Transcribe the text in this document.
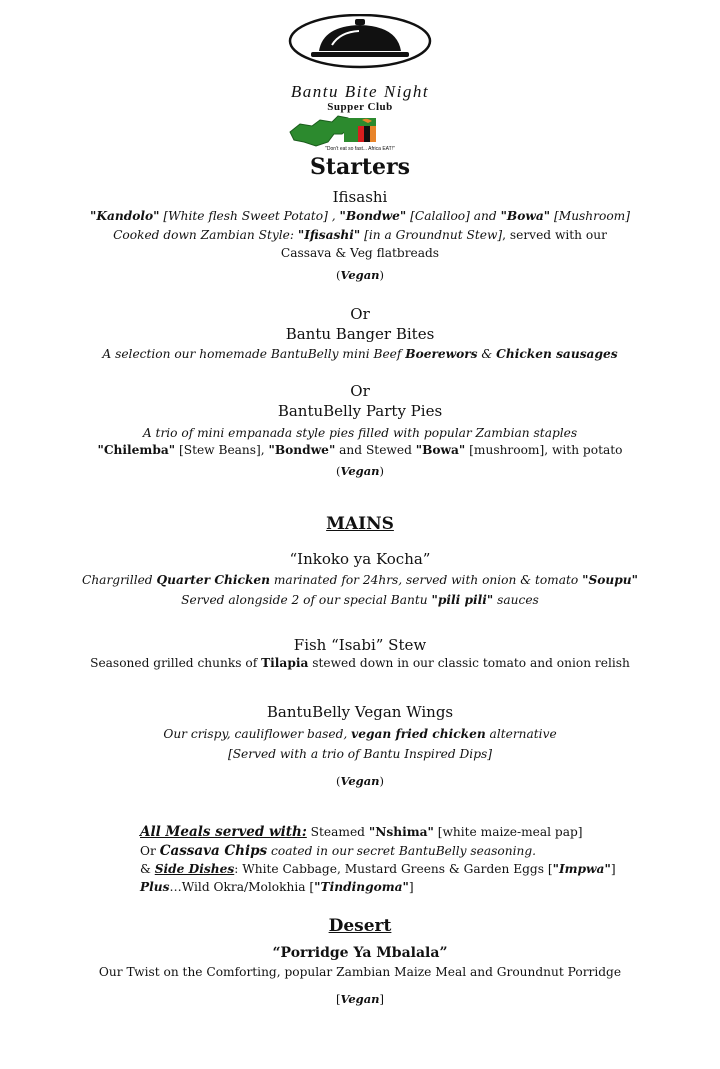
Bantu Bite Night
Supper Club
"Don't eat so fast... Africa EAT!"
Starters
Ifisashi
"Kandolo" [White flesh Sweet Potato] , "Bondwe" [Calalloo] and "Bowa" [Mushroom]
Cooked down Zambian Style: "Ifisashi" [in a Groundnut Stew], served with our
Cassava & Veg flatbreads
(Vegan)
Or
Bantu Banger Bites
A selection our homemade BantuBelly mini Beef Boerewors & Chicken sausages
Or
BantuBelly Party Pies
A trio of mini empanada style pies filled with popular Zambian staples
"Chilemba" [Stew Beans], "Bondwe" and Stewed "Bowa" [mushroom], with potato
(Vegan)
MAINS
“Inkoko ya Kocha”
Chargrilled Quarter Chicken marinated for 24hrs, served with onion & tomato "Soupu"
Served alongside 2 of our special Bantu "pili pili" sauces
Fish “Isabi” Stew
Seasoned grilled chunks of Tilapia stewed down in our classic tomato and onion relish
BantuBelly Vegan Wings
Our crispy, cauliflower based, vegan fried chicken alternative
[Served with a trio of Bantu Inspired Dips]
(Vegan)
All Meals served with: Steamed "Nshima" [white maize-meal pap]
Or Cassava Chips coated in our secret BantuBelly seasoning.
& Side Dishes: White Cabbage, Mustard Greens & Garden Eggs ["Impwa"]
Plus…Wild Okra/Molokhia ["Tindingoma"]
Desert
“Porridge Ya Mbalala”
Our Twist on the Comforting, popular Zambian Maize Meal and Groundnut Porridge
[Vegan]
